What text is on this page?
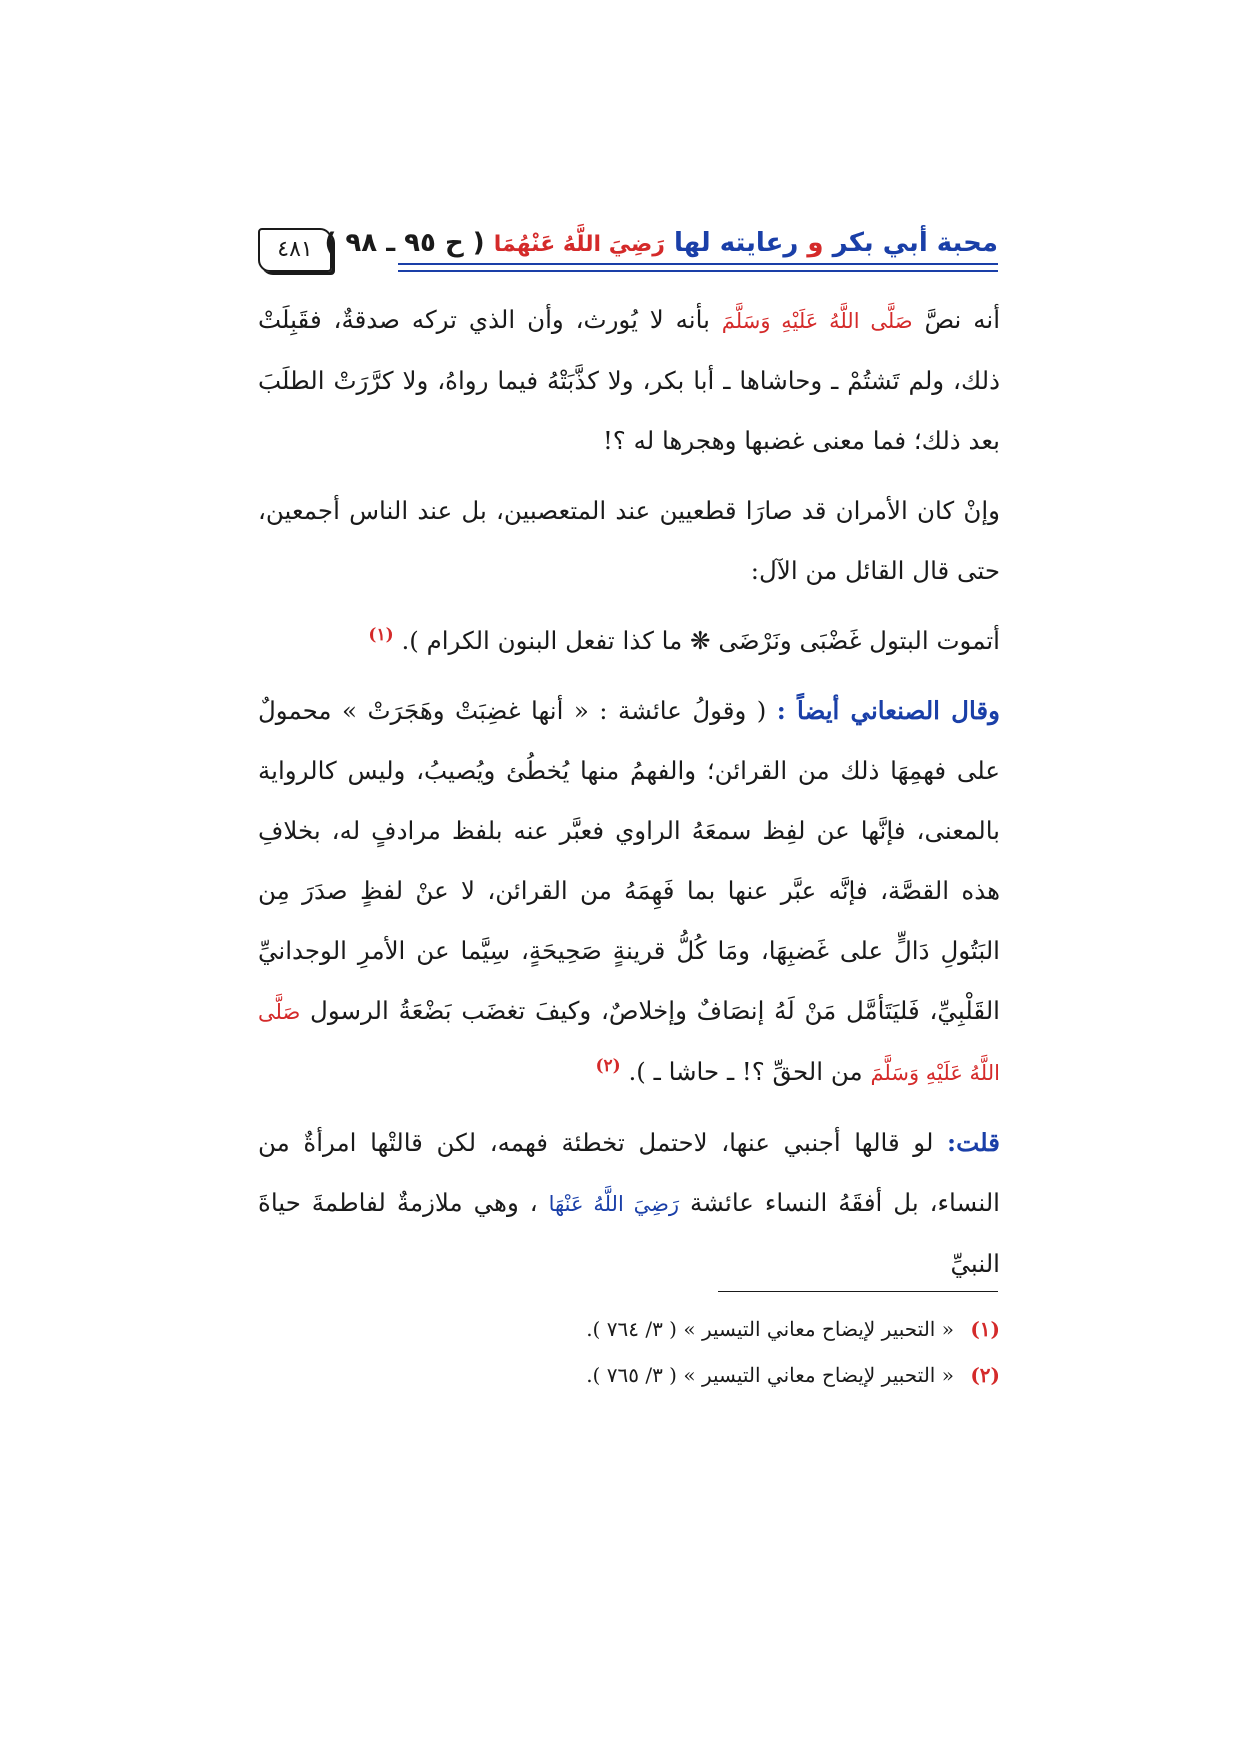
محبة أبي بكر و رعايته لها رَضِيَ اللَّهُ عَنْهُمَا ( ح ٩٥ ـ ٩٨ )
٤٨١

أنه نصَّ صَلَّى اللَّهُ عَلَيْهِ وَسَلَّمَ بأنه لا يُورث، وأن الذي تركه صدقةٌ، فقَبِلَتْ ذلك، ولم تَشتُمْ ـ وحاشاها ـ أبا بكر، ولا كذَّبَتْهُ فيما رواهُ، ولا كرَّرَتْ الطلَبَ بعد ذلك؛ فما معنى غضبها وهجرها له ؟!

وإنْ كان الأمران قد صارَا قطعيين عند المتعصبين، بل عند الناس أجمعين، حتى قال القائل من الآل:

أتموت البتول غَضْبَى ونَرْضَى ❋ ما كذا تفعل البنون الكرام ). $^{(١)}$

وقال الصنعاني أيضاً : ( وقولُ عائشة : « أنها غضِبَتْ وهَجَرَتْ » محمولٌ على فهمِهَا ذلك من القرائن؛ والفهمُ منها يُخطُئ ويُصيبُ، وليس كالرواية بالمعنى، فإنَّها عن لفِظ سمعَهُ الراوي فعبَّر عنه بلفظ مرادفٍ له، بخلافِ هذه القصَّة، فإنَّه عبَّر عنها بما فَهِمَهُ من القرائن، لا عنْ لفظٍ صدَرَ مِن البَتُولِ دَالٍّ على غَضبِهَا، ومَا كُلُّ قرينةٍ صَحِيحَةٍ، سِيَّما عن الأمرِ الوجدانيِّ القَلْبِيِّ، فَليَتَأمَّل مَنْ لَهُ إنصَافٌ وإخلاصٌ، وكيفَ تغضَب بَضْعَةُ الرسول صَلَّى اللَّهُ عَلَيْهِ وَسَلَّمَ من الحقِّ ؟! ـ حاشا ـ ). $^{(٢)}$

قلت: لو قالها أجنبي عنها، لاحتمل تخطئة فهمه، لكن قالتْها امرأةٌ من النساء، بل أفقَهُ النساء عائشة رَضِيَ اللَّهُ عَنْهَا ، وهي ملازمةٌ لفاطمةَ حياةَ النبيِّ

(١) « التحبير لإيضاح معاني التيسير » ( ٣/ ٧٦٤ ).
(٢) « التحبير لإيضاح معاني التيسير » ( ٣/ ٧٦٥ ).
